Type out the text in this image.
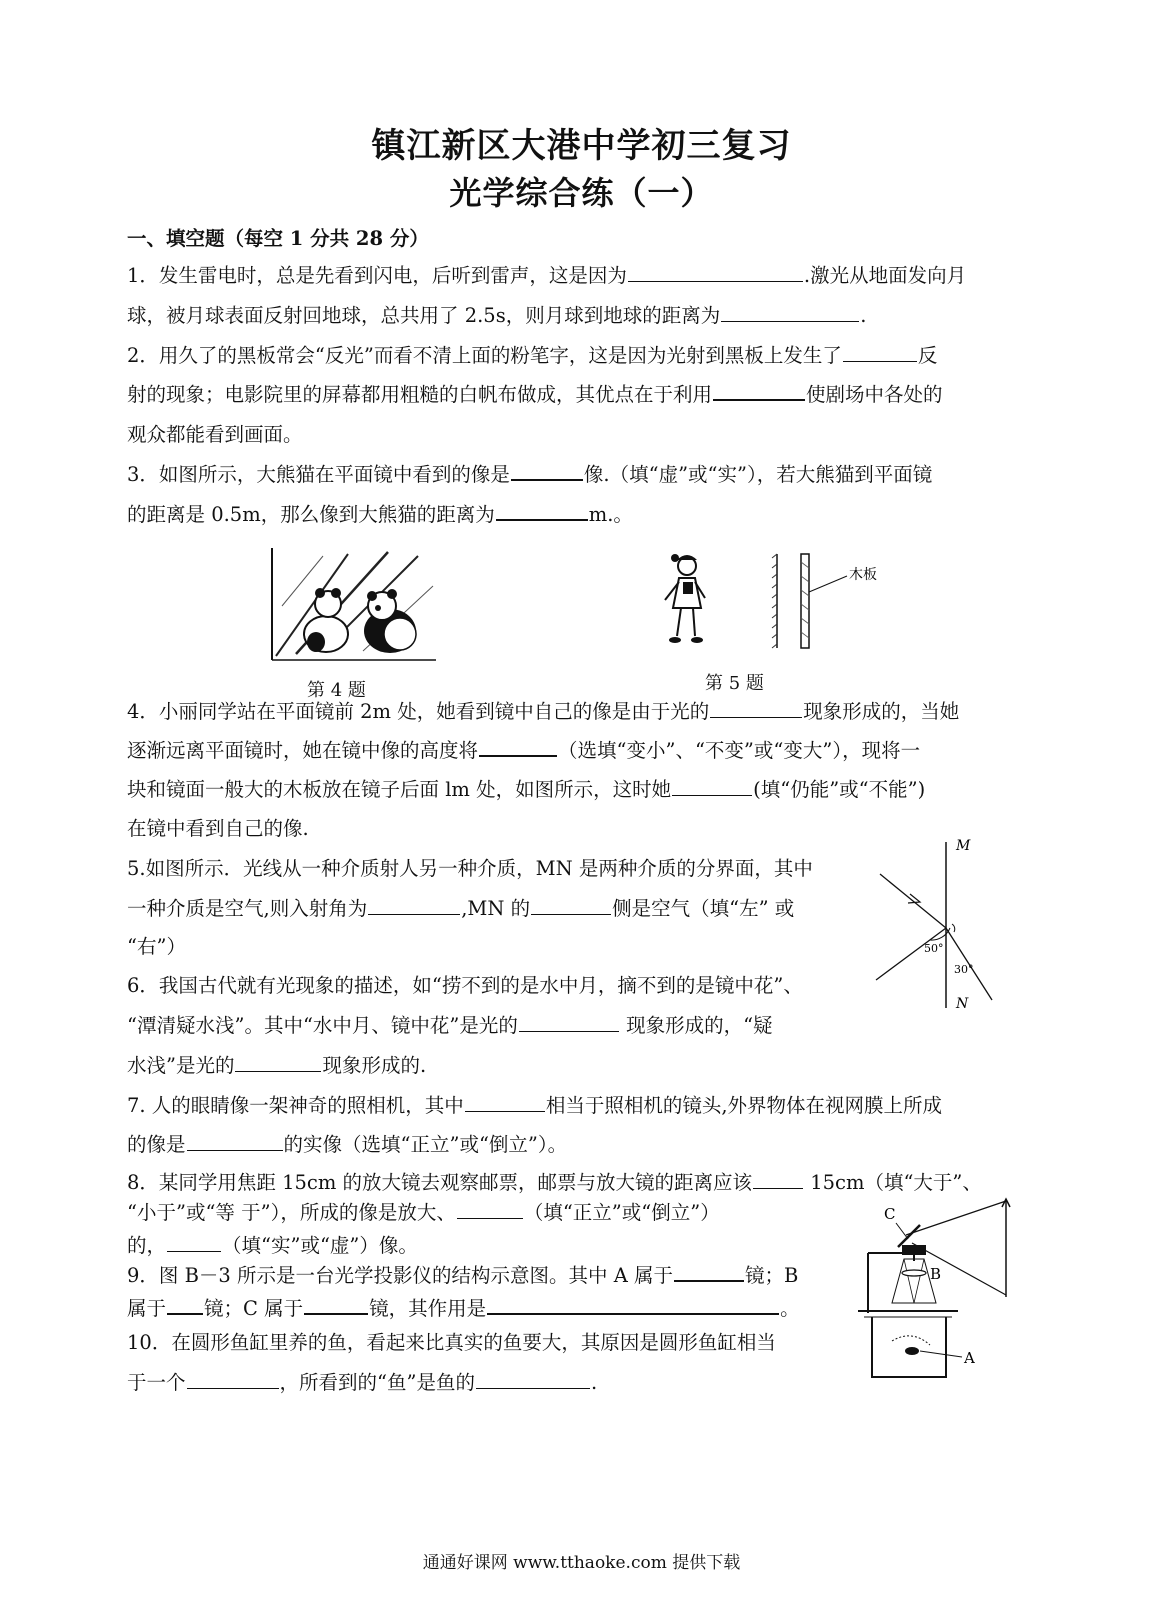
镇江新区大港中学初三复习
光学综合练（一）
一、填空题（每空 1 分共 28 分）
1．发生雷电时，总是先看到闪电，后听到雷声，这是因为	.激光从地面发向月
球，被月球表面反射回地球，总共用了 2.5s，则月球到地球的距离为	.
2．用久了的黑板常会“反光”而看不清上面的粉笔字，这是因为光射到黑板上发生了	反
射的现象；电影院里的屏幕都用粗糙的白帆布做成，其优点在于利用	使剧场中各处的
观众都能看到画面。
3．如图所示，大熊猫在平面镜中看到的像是	像.（填“虚”或“实”），若大熊猫到平面镜
的距离是 0.5m，那么像到大熊猫的距离为	m.。
第 4 题
木板
第 5 题
4．小丽同学站在平面镜前 2m 处，她看到镜中自己的像是由于光的	现象形成的，当她
逐渐远离平面镜时，她在镜中像的高度将	（选填“变小”、“不变”或“变大”），现将一
块和镜面一般大的木板放在镜子后面 lm 处，如图所示，这时她	(填“仍能”或“不能”)
在镜中看到自己的像.
5.如图所示．光线从一种介质射人另一种介质，MN 是两种介质的分界面，其中
一种介质是空气,则入射角为	,MN 的	侧是空气（填“左” 或
“右”）
M
N
50°
30°
6．我国古代就有光现象的描述，如“捞不到的是水中月，摘不到的是镜中花”、
“潭清疑水浅”。其中“水中月、镜中花”是光的	现象形成的，“疑
水浅”是光的	现象形成的.
7. 人的眼睛像一架神奇的照相机，其中	相当于照相机的镜头,外界物体在视网膜上所成
的像是	的实像（选填“正立”或“倒立”）。
8．某同学用焦距 15cm 的放大镜去观察邮票，邮票与放大镜的距离应该	15cm（填“大于”、
“小于”或“等 于”），所成的像是放大、	（填“正立”或“倒立”）
的，	（填“实”或“虚”）像。
9．图 B－3 所示是一台光学投影仪的结构示意图。其中 A 属于	镜；B
属于 镜；C 属于	镜，其作用是	。
C
B
A
10．在圆形鱼缸里养的鱼，看起来比真实的鱼要大，其原因是圆形鱼缸相当
于一个	，所看到的“鱼”是鱼的	.
通通好课网 www.tthaoke.com 提供下载
